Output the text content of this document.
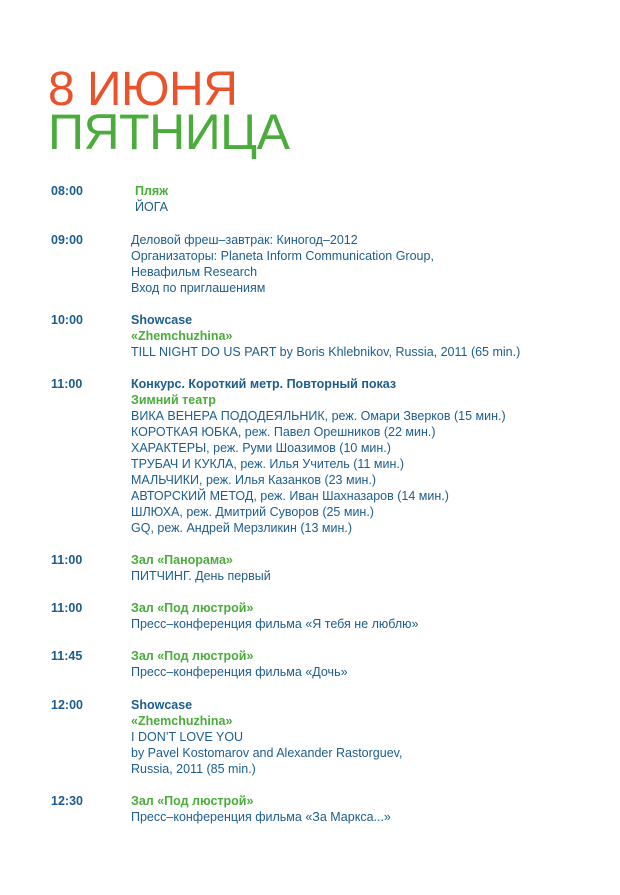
8 ИЮНЯ
ПЯТНИЦА
08:00	Пляж
ЙОГА
09:00	Деловой фреш–завтрак: Киногод–2012
Организаторы: Planeta Inform Communication Group,
Невафильм Research
Вход по приглашениям
10:00	Showcase
«Zhemchuzhina»
TILL NIGHT DO US PART by Boris Khlebnikov, Russia, 2011 (65 min.)
11:00	Конкурс. Короткий метр. Повторный показ
Зимний театр
ВИКА ВЕНЕРА ПОДОДЕЯЛЬНИК, реж. Омари Зверков (15 мин.)
КОРОТКАЯ ЮБКА, реж. Павел Орешников (22 мин.)
ХАРАКТЕРЫ, реж. Руми Шоазимов (10 мин.)
ТРУБАЧ И КУКЛА, реж. Илья Учитель (11 мин.)
МАЛЬЧИКИ, реж. Илья Казанков (23 мин.)
АВТОРСКИЙ МЕТОД, реж. Иван Шахназаров (14 мин.)
ШЛЮХА, реж. Дмитрий Суворов (25 мин.)
GQ, реж. Андрей Мерзликин (13 мин.)
11:00	Зал «Панорама»
ПИТЧИНГ. День первый
11:00	Зал «Под люстрой»
Пресс–конференция фильма «Я тебя не люблю»
11:45	Зал «Под люстрой»
Пресс–конференция фильма «Дочь»
12:00	Showcase
«Zhemchuzhina»
I DON’T LOVE YOU
by Pavel Kostomarov and Alexander Rastorguev,
Russia, 2011 (85 min.)
12:30	Зал «Под люстрой»
Пресс–конференция фильма «За Маркса...»
